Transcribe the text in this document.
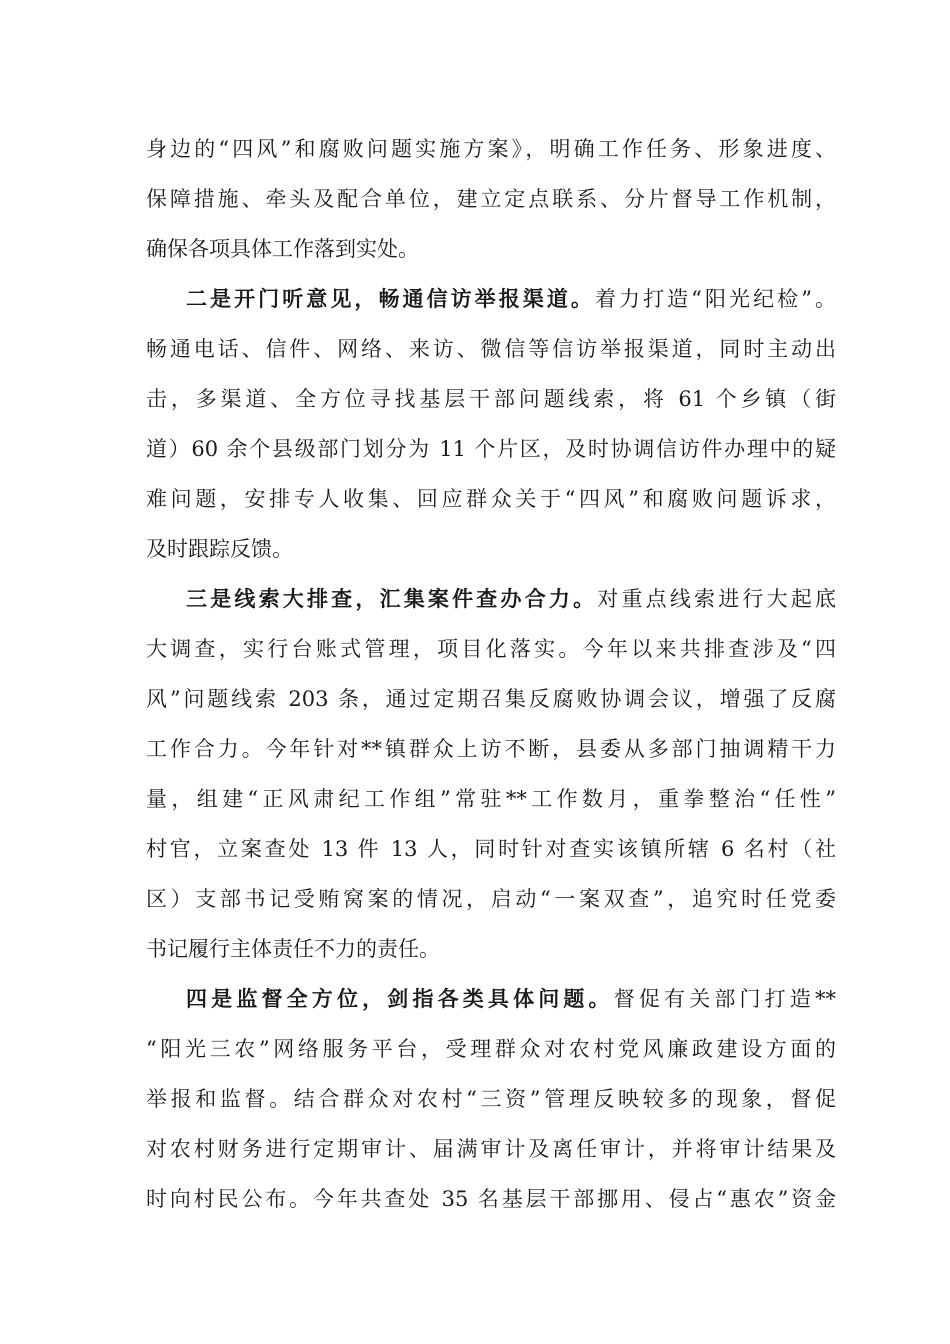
身边的“四风”和腐败问题实施方案》，明确工作任务、形象进度、
保障措施、牵头及配合单位，建立定点联系、分片督导工作机制，
确保各项具体工作落到实处。
二是开门听意见，畅通信访举报渠道。着力打造“阳光纪检”。
畅通电话、信件、网络、来访、微信等信访举报渠道，同时主动出
击，多渠道、全方位寻找基层干部问题线索，将 61 个乡镇（街
道）60 余个县级部门划分为 11 个片区，及时协调信访件办理中的疑
难问题，安排专人收集、回应群众关于“四风”和腐败问题诉求，
及时跟踪反馈。
三是线索大排查，汇集案件查办合力。对重点线索进行大起底
大调查，实行台账式管理，项目化落实。今年以来共排查涉及“四
风”问题线索 203 条，通过定期召集反腐败协调会议，增强了反腐
工作合力。今年针对**镇群众上访不断，县委从多部门抽调精干力
量，组建“正风肃纪工作组”常驻**工作数月，重拳整治“任性”
村官，立案查处 13 件 13 人，同时针对查实该镇所辖 6 名村（社
区）支部书记受贿窝案的情况，启动“一案双查”，追究时任党委
书记履行主体责任不力的责任。
四是监督全方位，剑指各类具体问题。督促有关部门打造**
“阳光三农”网络服务平台，受理群众对农村党风廉政建设方面的
举报和监督。结合群众对农村“三资”管理反映较多的现象，督促
对农村财务进行定期审计、届满审计及离任审计，并将审计结果及
时向村民公布。今年共查处 35 名基层干部挪用、侵占“惠农”资金
